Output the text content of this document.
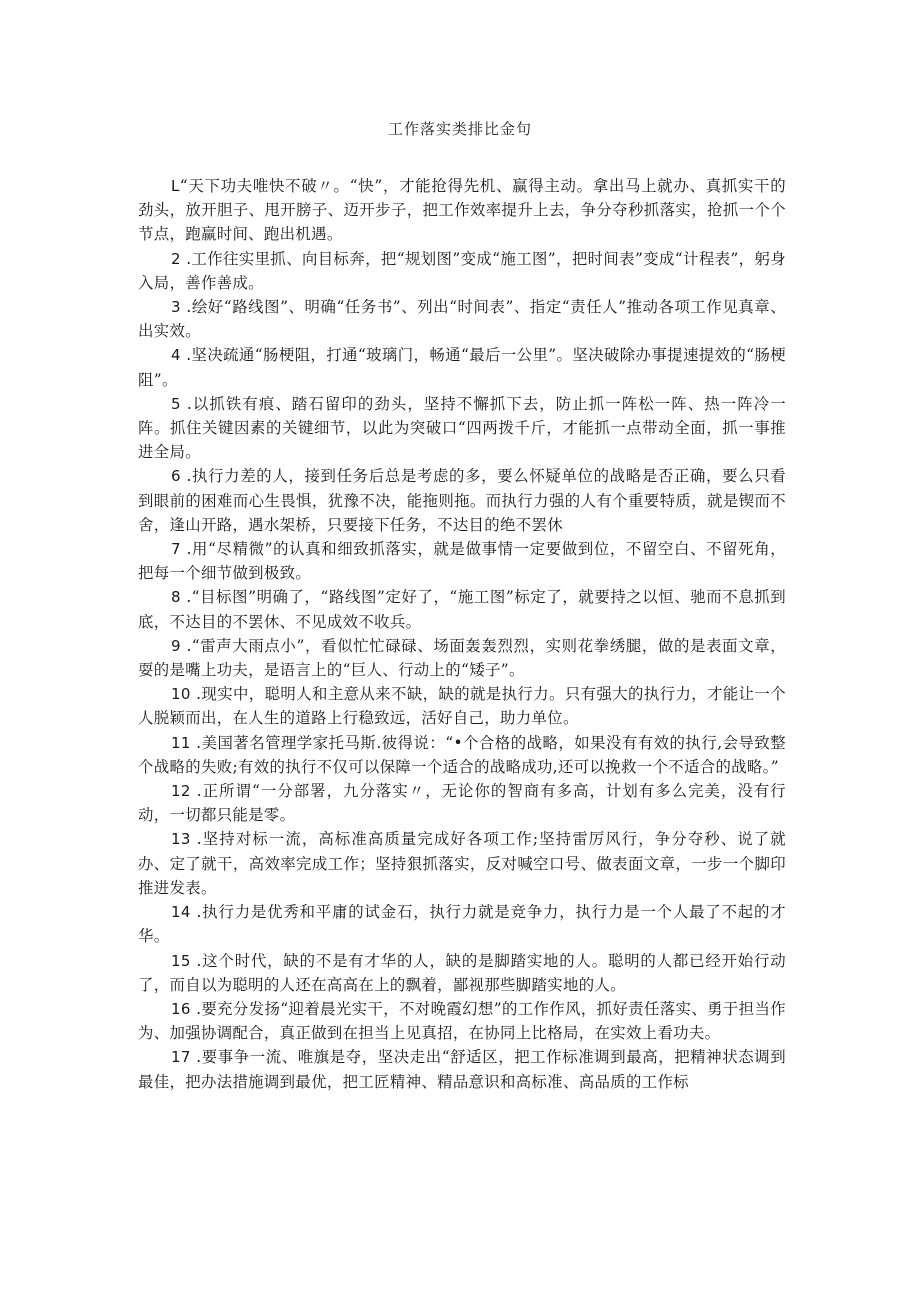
工作落实类排比金句

L“天下功夫唯快不破〃。“快”，才能抢得先机、赢得主动。拿出马上就办、真抓实干的劲头，放开胆子、甩开膀子、迈开步子，把工作效率提升上去，争分夺秒抓落实，抢抓一个个节点，跑赢时间、跑出机遇。

2 .工作往实里抓、向目标奔，把“规划图”变成“施工图”，把时间表”变成“计程表”，躬身入局，善作善成。

3 .绘好“路线图”、明确“任务书”、列出“时间表”、指定“责任人”推动各项工作见真章、出实效。

4 .坚决疏通“肠梗阻，打通“玻璃门，畅通“最后一公里”。坚决破除办事提速提效的“肠梗阻”。

5 .以抓铁有痕、踏石留印的劲头，坚持不懈抓下去，防止抓一阵松一阵、热一阵冷一阵。抓住关键因素的关键细节，以此为突破口“四两拨千斤，才能抓一点带动全面，抓一事推进全局。

6 .执行力差的人，接到任务后总是考虑的多，要么怀疑单位的战略是否正确，要么只看到眼前的困难而心生畏惧，犹豫不决，能拖则拖。而执行力强的人有个重要特质，就是锲而不舍，逢山开路，遇水架桥，只要接下任务，不达目的绝不罢休

7 .用“尽精微”的认真和细致抓落实，就是做事情一定要做到位，不留空白、不留死角，把每一个细节做到极致。

8 .“目标图”明确了，“路线图”定好了，“施工图”标定了，就要持之以恒、驰而不息抓到底，不达目的不罢休、不见成效不收兵。

9 .“雷声大雨点小”，看似忙忙碌碌、场面轰轰烈烈，实则花拳绣腿，做的是表面文章，耍的是嘴上功夫，是语言上的“巨人、行动上的“矮子”。

10 .现实中，聪明人和主意从来不缺，缺的就是执行力。只有强大的执行力，才能让一个人脱颖而出，在人生的道路上行稳致远，活好自己，助力单位。

11 .美国著名管理学家托马斯.彼得说：“•个合格的战略，如果没有有效的执行,会导致整个战略的失败;有效的执行不仅可以保障一个适合的战略成功,还可以挽救一个不适合的战略。”

12 .正所谓“一分部署，九分落实〃，无论你的智商有多高，计划有多么完美，没有行动，一切都只能是零。

13 .坚持对标一流，高标准高质量完成好各项工作;坚持雷厉风行，争分夺秒、说了就办、定了就干，高效率完成工作；坚持狠抓落实，反对喊空口号、做表面文章，一步一个脚印推进发表。

14 .执行力是优秀和平庸的试金石，执行力就是竞争力，执行力是一个人最了不起的才华。

15 .这个时代，缺的不是有才华的人，缺的是脚踏实地的人。聪明的人都已经开始行动了，而自以为聪明的人还在高高在上的飘着，鄙视那些脚踏实地的人。

16 .要充分发扬“迎着晨光实干，不对晚霞幻想”的工作作风，抓好责任落实、勇于担当作为、加强协调配合，真正做到在担当上见真招，在协同上比格局，在实效上看功夫。

17 .要事争一流、唯旗是夺，坚决走出“舒适区，把工作标准调到最高，把精神状态调到最佳，把办法措施调到最优，把工匠精神、精品意识和高标准、高品质的工作标
